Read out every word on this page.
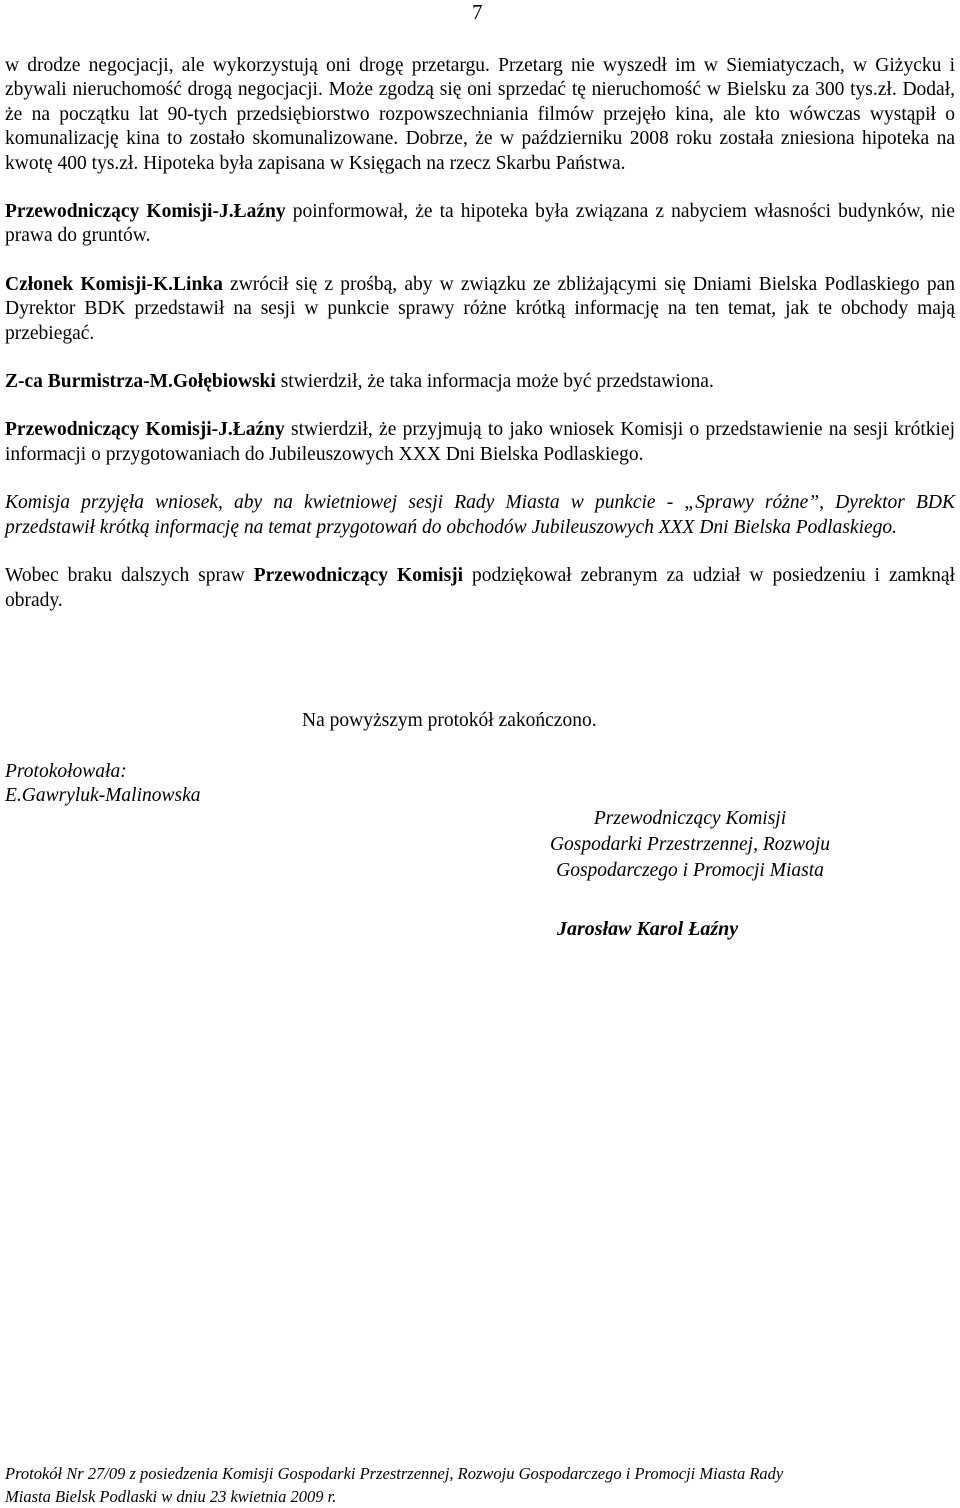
7

w drodze negocjacji, ale wykorzystują oni drogę przetargu. Przetarg nie wyszedł im w Siemiatyczach, w Giżycku i zbywali nieruchomość drogą negocjacji. Może zgodzą się oni sprzedać tę nieruchomość w Bielsku za 300 tys.zł. Dodał, że na początku lat 90-tych przedsiębiorstwo rozpowszechniania filmów przejęło kina, ale kto wówczas wystąpił o komunalizację kina to zostało skomunalizowane. Dobrze, że w październiku 2008 roku została zniesiona hipoteka na kwotę 400 tys.zł. Hipoteka była zapisana w Księgach na rzecz Skarbu Państwa.

Przewodniczący Komisji-J.Łaźny poinformował, że ta hipoteka była związana z nabyciem własności budynków, nie prawa do gruntów.

Członek Komisji-K.Linka zwrócił się z prośbą, aby w związku ze zbliżającymi się Dniami Bielska Podlaskiego pan Dyrektor BDK przedstawił na sesji w punkcie sprawy różne krótką informację na ten temat, jak te obchody mają przebiegać.

Z-ca Burmistrza-M.Gołębiowski stwierdził, że taka informacja może być przedstawiona.

Przewodniczący Komisji-J.Łaźny stwierdził, że przyjmują to jako wniosek Komisji o przedstawienie na sesji krótkiej informacji o przygotowaniach do Jubileuszowych XXX Dni Bielska Podlaskiego.

Komisja przyjęła wniosek, aby na kwietniowej sesji Rady Miasta w punkcie - „Sprawy różne”, Dyrektor BDK przedstawił krótką informację na temat przygotowań do obchodów Jubileuszowych XXX Dni Bielska Podlaskiego.

Wobec braku dalszych spraw Przewodniczący Komisji podziękował zebranym za udział w posiedzeniu i zamknął obrady.

Na powyższym protokół zakończono.
Protokołowała:
E.Gawryluk-Malinowska
Przewodniczący Komisji
Gospodarki Przestrzennej, Rozwoju
Gospodarczego i Promocji Miasta
Jarosław Karol Łaźny
Protokół Nr 27/09 z posiedzenia Komisji Gospodarki Przestrzennej, Rozwoju Gospodarczego i Promocji Miasta Rady
Miasta Bielsk Podlaski w dniu 23 kwietnia 2009 r.
